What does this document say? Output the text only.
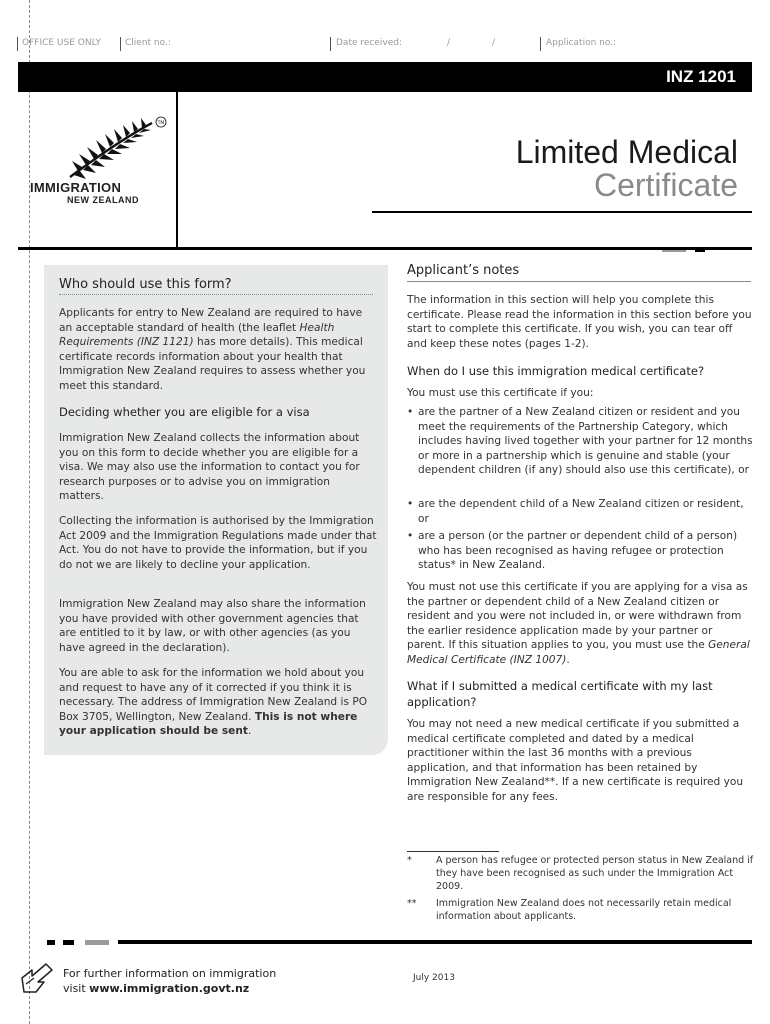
OFFICE USE ONLY	Client no.:	Date received:	/	/	Application no.:
INZ 1201
TM
IMMIGRATION
NEW ZEALAND
Limited Medical
Certificate
Who should use this form?
Applicants for entry to New Zealand are required to have an acceptable standard of health (the leaflet Health Requirements (INZ 1121) has more details). This medical certificate records information about your health that Immigration New Zealand requires to assess whether you meet this standard.
Deciding whether you are eligible for a visa
Immigration New Zealand collects the information about you on this form to decide whether you are eligible for a visa. We may also use the information to contact you for research purposes or to advise you on immigration matters.
Collecting the information is authorised by the Immigration Act 2009 and the Immigration Regulations made under that Act. You do not have to provide the information, but if you do not we are likely to decline your application.
Immigration New Zealand may also share the information you have provided with other government agencies that are entitled to it by law, or with other agencies (as you have agreed in the declaration).
You are able to ask for the information we hold about you and request to have any of it corrected if you think it is necessary. The address of Immigration New Zealand is PO Box 3705, Wellington, New Zealand. This is not where your application should be sent.
Applicant’s notes
The information in this section will help you complete this certificate. Please read the information in this section before you start to complete this certificate. If you wish, you can tear off and keep these notes (pages 1-2).
When do I use this immigration medical certificate?
You must use this certificate if you:
• are the partner of a New Zealand citizen or resident and you meet the requirements of the Partnership Category, which includes having lived together with your partner for 12 months or more in a partnership which is genuine and stable (your dependent children (if any) should also use this certificate), or
• are the dependent child of a New Zealand citizen or resident, or
• are a person (or the partner or dependent child of a person) who has been recognised as having refugee or protection status* in New Zealand.
You must not use this certificate if you are applying for a visa as the partner or dependent child of a New Zealand citizen or resident and you were not included in, or were withdrawn from the earlier residence application made by your partner or parent. If this situation applies to you, you must use the General Medical Certificate (INZ 1007).
What if I submitted a medical certificate with my last application?
You may not need a new medical certificate if you submitted a medical certificate completed and dated by a medical practitioner within the last 36 months with a previous application, and that information has been retained by Immigration New Zealand**. If a new certificate is required you are responsible for any fees.
*	A person has refugee or protected person status in New Zealand if they have been recognised as such under the Immigration Act 2009.
** Immigration New Zealand does not necessarily retain medical information about applicants.
For further information on immigration
visit www.immigration.govt.nz
July 2013
